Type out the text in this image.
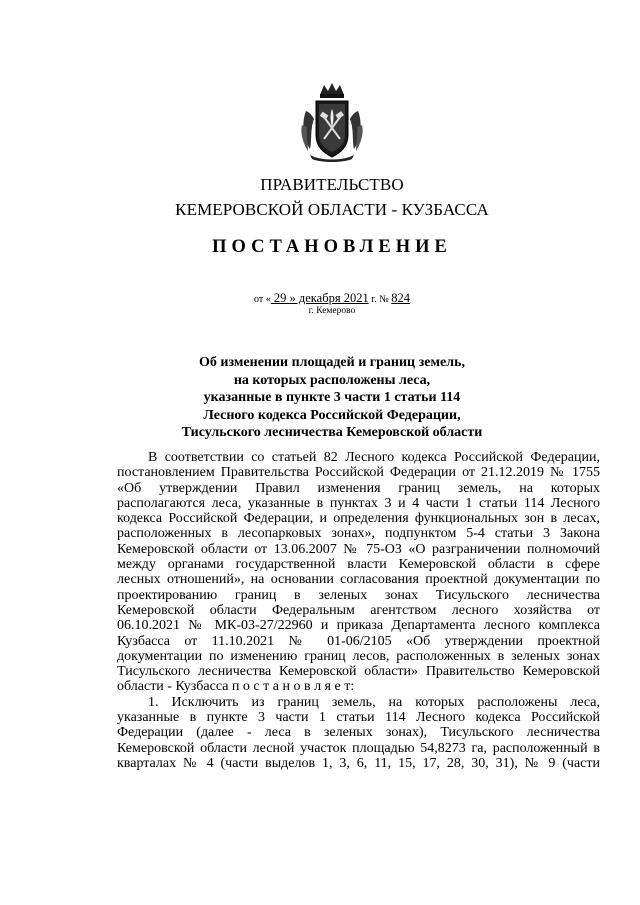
ПРАВИТЕЛЬСТВО
КЕМЕРОВСКОЙ ОБЛАСТИ - КУЗБАССА
ПОСТАНОВЛЕНИЕ
от « 29 » декабря 2021 г. № 824
г. Кемерово
Об изменении площадей и границ земель,
на которых расположены леса,
указанные в пункте 3 части 1 статьи 114
Лесного кодекса Российской Федерации,
Тисульского лесничества Кемеровской области
В соответствии со статьей 82 Лесного кодекса Российской Федерации,
постановлением Правительства Российской Федерации от 21.12.2019 № 1755
«Об утверждении Правил изменения границ земель, на которых
располагаются леса, указанные в пунктах 3 и 4 части 1 статьи 114 Лесного
кодекса Российской Федерации, и определения функциональных зон в лесах,
расположенных в лесопарковых зонах», подпунктом 5-4 статьи 3 Закона
Кемеровской области от 13.06.2007 № 75-ОЗ «О разграничении полномочий
между органами государственной власти Кемеровской области в сфере
лесных отношений», на основании согласования проектной документации по
проектированию границ в зеленых зонах Тисульского лесничества
Кемеровской области Федеральным агентством лесного хозяйства от
06.10.2021 № МК-03-27/22960 и приказа Департамента лесного комплекса
Кузбасса от 11.10.2021 № 01-06/2105 «Об утверждении проектной
документации по изменению границ лесов, расположенных в зеленых зонах
Тисульского лесничества Кемеровской области» Правительство Кемеровской
области - Кузбасса п о с т а н о в л я е т:
1. Исключить из границ земель, на которых расположены леса,
указанные в пункте 3 части 1 статьи 114 Лесного кодекса Российской
Федерации (далее - леса в зеленых зонах), Тисульского лесничества
Кемеровской области лесной участок площадью 54,8273 га, расположенный в
кварталах № 4 (части выделов 1, 3, 6, 11, 15, 17, 28, 30, 31), № 9 (части
